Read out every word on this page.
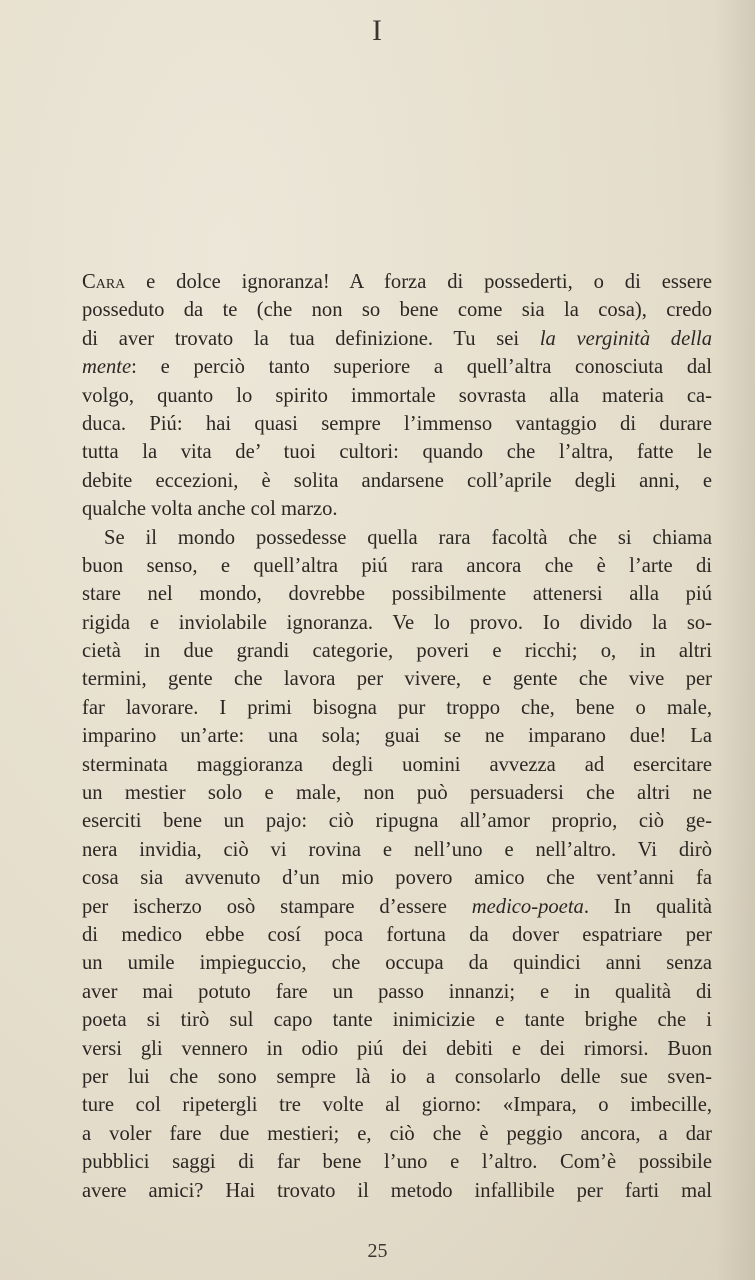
I
Cara e dolce ignoranza! A forza di possederti, o di essere
posseduto da te (che non so bene come sia la cosa), credo
di aver trovato la tua definizione. Tu sei la verginità della
mente: e perciò tanto superiore a quell’altra conosciuta dal
volgo, quanto lo spirito immortale sovrasta alla materia ca-
duca. Piú: hai quasi sempre l’immenso vantaggio di durare
tutta la vita de’ tuoi cultori: quando che l’altra, fatte le
debite eccezioni, è solita andarsene coll’aprile degli anni, e
qualche volta anche col marzo.
Se il mondo possedesse quella rara facoltà che si chiama
buon senso, e quell’altra piú rara ancora che è l’arte di
stare nel mondo, dovrebbe possibilmente attenersi alla piú
rigida e inviolabile ignoranza. Ve lo provo. Io divido la so-
cietà in due grandi categorie, poveri e ricchi; o, in altri
termini, gente che lavora per vivere, e gente che vive per
far lavorare. I primi bisogna pur troppo che, bene o male,
imparino un’arte: una sola; guai se ne imparano due! La
sterminata maggioranza degli uomini avvezza ad esercitare
un mestier solo e male, non può persuadersi che altri ne
eserciti bene un pajo: ciò ripugna all’amor proprio, ciò ge-
nera invidia, ciò vi rovina e nell’uno e nell’altro. Vi dirò
cosa sia avvenuto d’un mio povero amico che vent’anni fa
per ischerzo osò stampare d’essere medico-poeta. In qualità
di medico ebbe cosí poca fortuna da dover espatriare per
un umile impieguccio, che occupa da quindici anni senza
aver mai potuto fare un passo innanzi; e in qualità di
poeta si tirò sul capo tante inimicizie e tante brighe che i
versi gli vennero in odio piú dei debiti e dei rimorsi. Buon
per lui che sono sempre là io a consolarlo delle sue sven-
ture col ripetergli tre volte al giorno: «Impara, o imbecille,
a voler fare due mestieri; e, ciò che è peggio ancora, a dar
pubblici saggi di far bene l’uno e l’altro. Com’è possibile
avere amici? Hai trovato il metodo infallibile per farti mal
25
